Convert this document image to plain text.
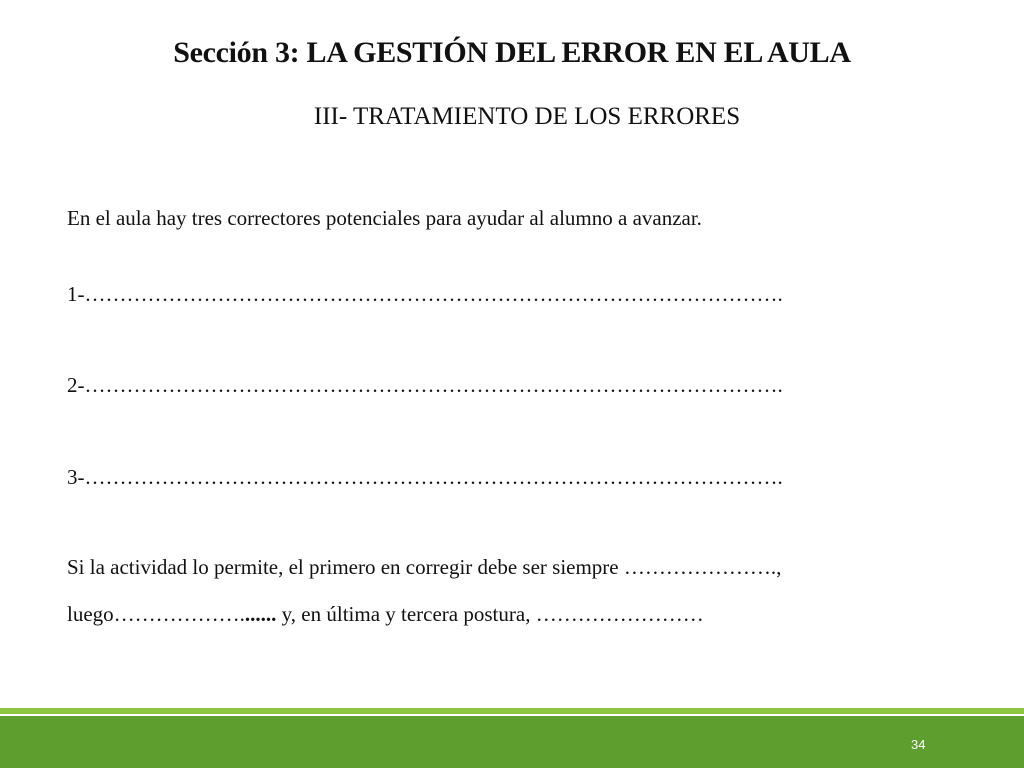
Sección 3: LA GESTIÓN DEL ERROR EN EL AULA
III- TRATAMIENTO DE LOS ERRORES
En el aula hay tres correctores potenciales para ayudar al alumno a avanzar.
1-……………………………………………………………………………………….
2-……………………………………………………………………………………….
3-……………………………………………………………………………………….
Si la actividad lo permite, el primero en corregir debe ser siempre ………………….,
luego………………....... y, en última y tercera postura, ……………………
34
